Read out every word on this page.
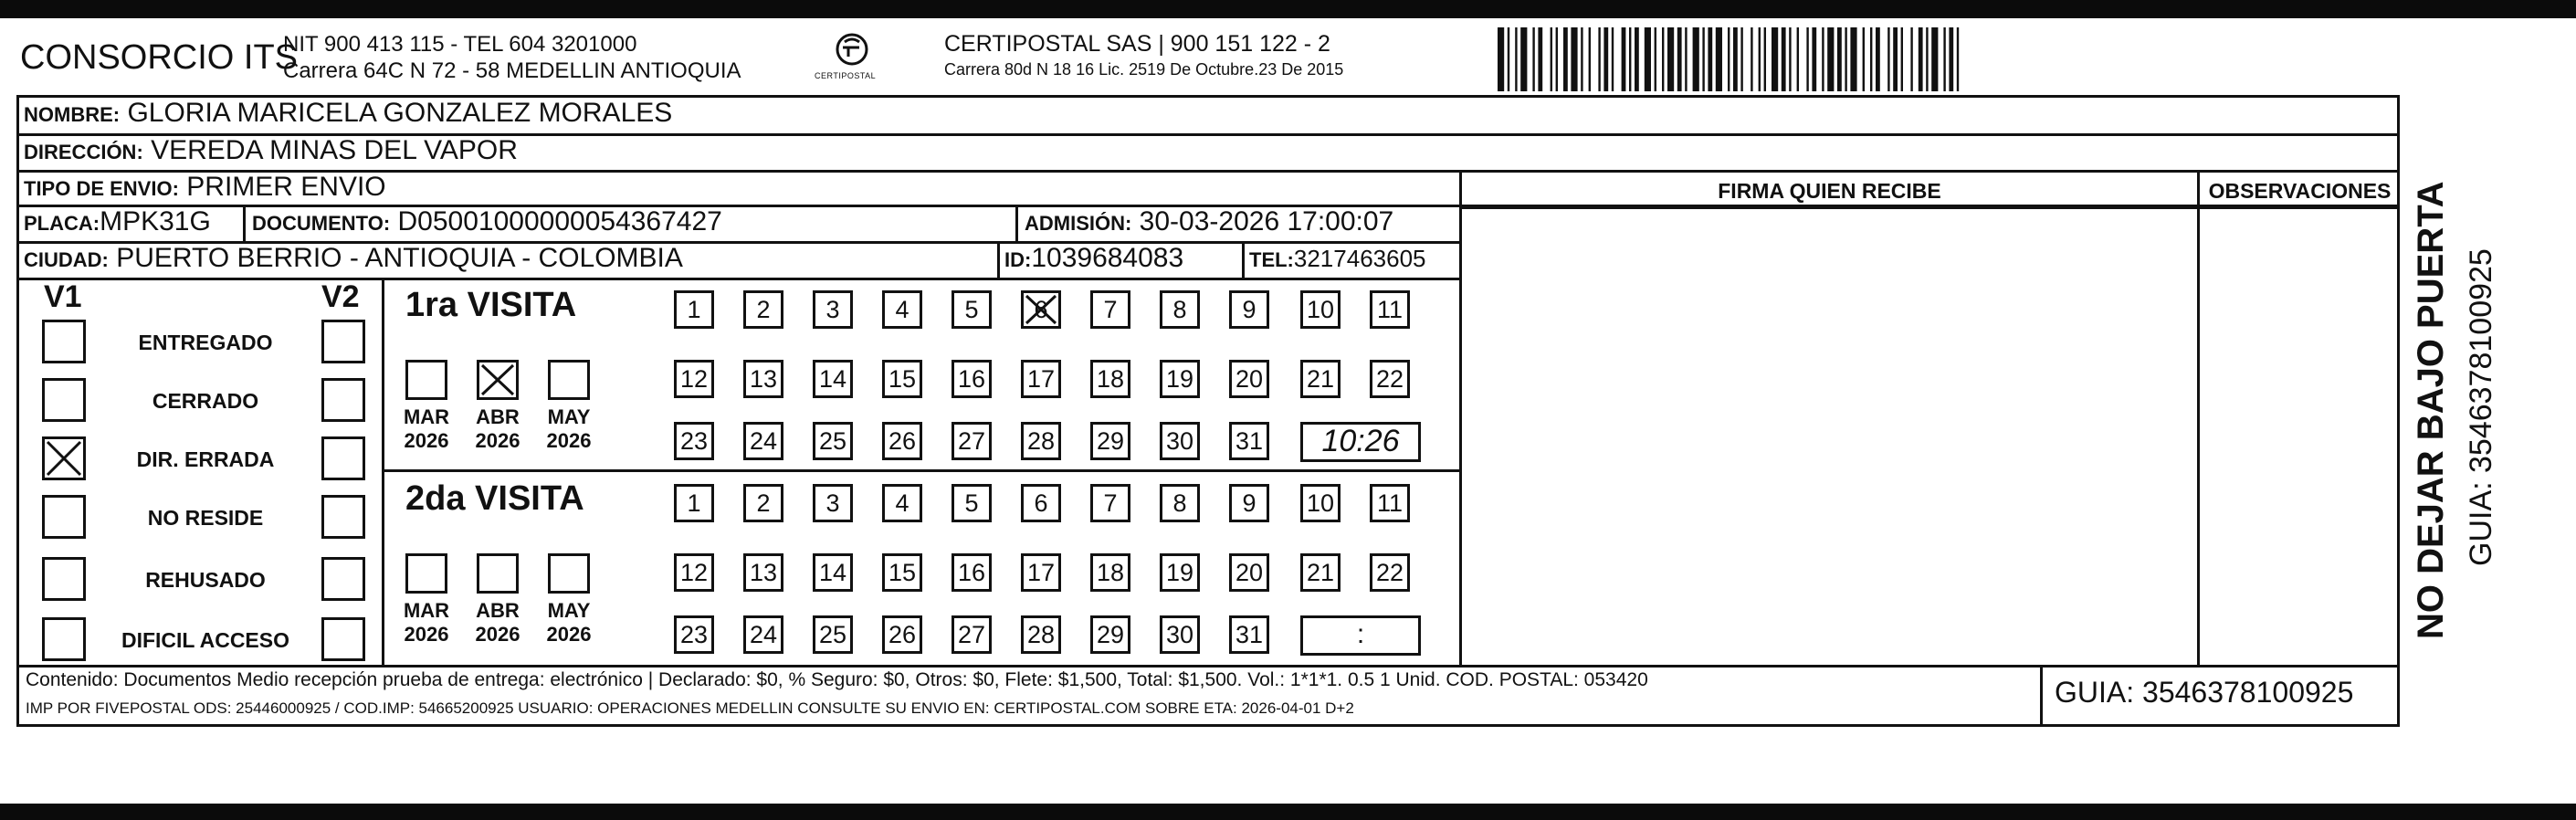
CONSORCIO ITS
NIT 900 413 115 - TEL 604 3201000
Carrera 64C N 72 - 58 MEDELLIN ANTIOQUIA	CERTIPOSTAL
CERTIPOSTAL SAS | 900 151 122 - 2
Carrera 80d N 18 16 Lic. 2519 De Octubre.23 De 2015
NOMBRE: GLORIA MARICELA GONZALEZ MORALES
DIRECCIÓN: VEREDA MINAS DEL VAPOR
TIPO DE ENVIO: PRIMER ENVIO
PLACA:MPK31G DOCUMENTO: D05001000000054367427	ADMISIÓN: 30-03-2026 17:00:07
CIUDAD: PUERTO BERRIO - ANTIOQUIA - COLOMBIA	ID:1039684083	TEL:3217463605
FIRMA QUIEN RECIBE	OBSERVACIONES
V1	V2
ENTREGADO
CERRADO
DIR. ERRADA
NO RESIDE
REHUSADO
DIFICIL ACCESO
1ra VISITA
MAR
2026
ABR
2026
MAY
2026
1	2	3	4	5	6	7	8	9	10 11
12 13 14 15 16 17 18 19 20 21 22
23 24 25 26 27 28 29 30 31	10:26
2da VISITA
MAR
2026
ABR
2026
MAY
2026
1	2	3	4	5	6	7	8	9	10 11
12 13 14 15 16 17 18 19 20 21 22
23 24 25 26 27 28 29 30 31	:
Contenido: Documentos Medio recepción prueba de entrega: electrónico | Declarado: $0, % Seguro: $0, Otros: $0, Flete: $1,500, Total: $1,500. Vol.: 1*1*1. 0.5 1 Unid. COD. POSTAL: 053420
IMP POR FIVEPOSTAL ODS: 25446000925 / COD.IMP: 54665200925 USUARIO: OPERACIONES MEDELLIN CONSULTE SU ENVIO EN: CERTIPOSTAL.COM SOBRE ETA: 2026-04-01 D+2	GUIA: 3546378100925
NO DEJAR BAJO PUERTA GUIA: 3546378100925
